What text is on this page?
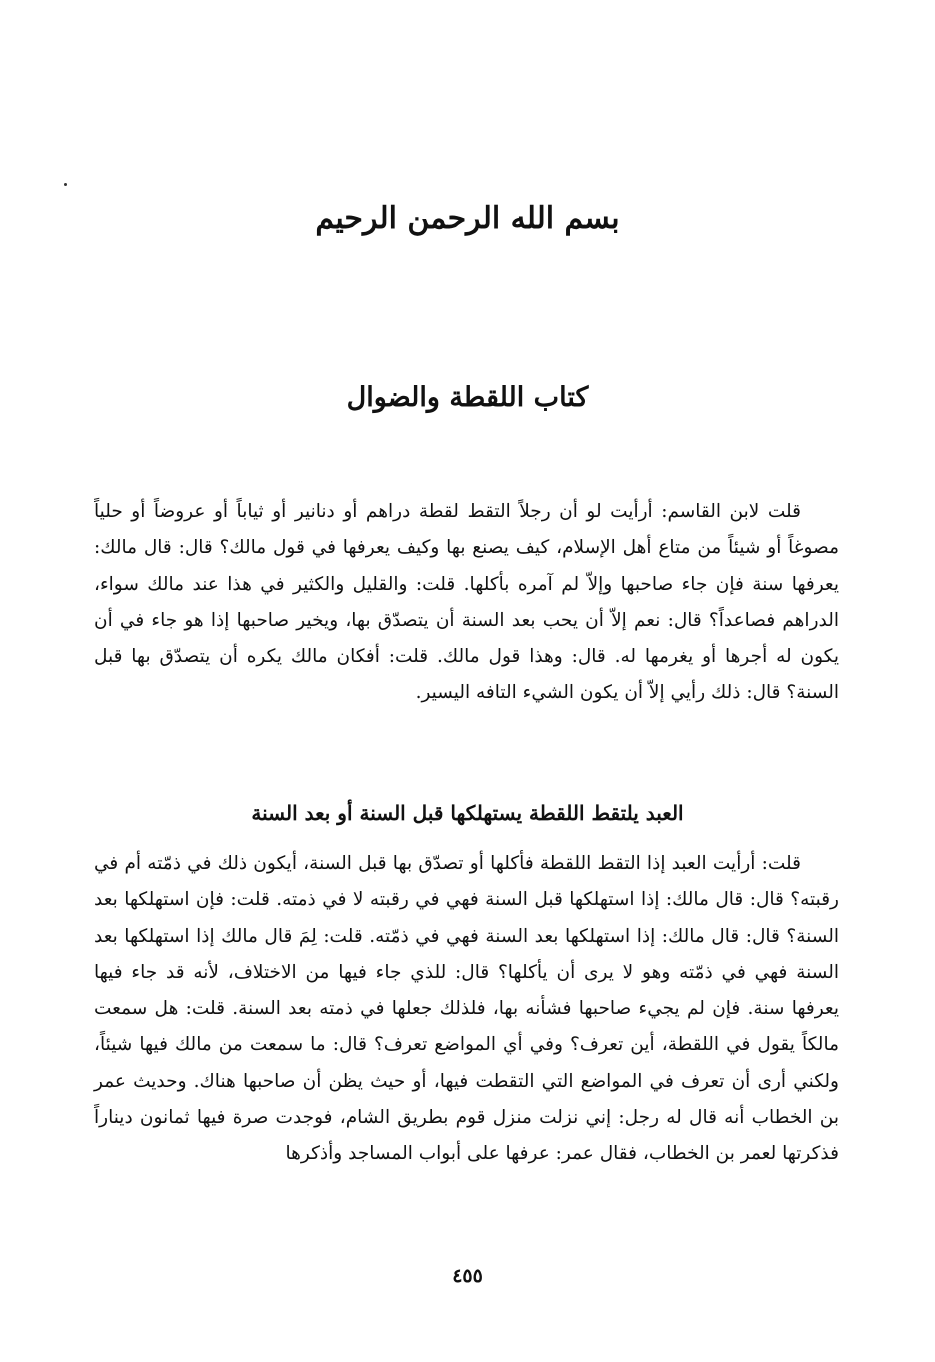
بسم الله الرحمن الرحيم
كتاب اللقطة والضوال

قلت لابن القاسم: أرأيت لو أن رجلاً التقط لقطة دراهم أو دنانير أو ثياباً أو عروضاً أو حلياً مصوغاً أو شيئاً من متاع أهل الإسلام، كيف يصنع بها وكيف يعرفها في قول مالك؟ قال: قال مالك: يعرفها سنة فإن جاء صاحبها وإلاّ لم آمره بأكلها. قلت: والقليل والكثير في هذا عند مالك سواء، الدراهم فصاعداً؟ قال: نعم إلاّ أن يحب بعد السنة أن يتصدّق بها، ويخير صاحبها إذا هو جاء في أن يكون له أجرها أو يغرمها له. قال: وهذا قول مالك. قلت: أفكان مالك يكره أن يتصدّق بها قبل السنة؟ قال: ذلك رأيي إلاّ أن يكون الشيء التافه اليسير.

العبد يلتقط اللقطة يستهلكها قبل السنة أو بعد السنة

قلت: أرأيت العبد إذا التقط اللقطة فأكلها أو تصدّق بها قبل السنة، أيكون ذلك في ذمّته أم في رقبته؟ قال: قال مالك: إذا استهلكها قبل السنة فهي في رقبته لا في ذمته. قلت: فإن استهلكها بعد السنة؟ قال: قال مالك: إذا استهلكها بعد السنة فهي في ذمّته. قلت: لِمَ قال مالك إذا استهلكها بعد السنة فهي في ذمّته وهو لا يرى أن يأكلها؟ قال: للذي جاء فيها من الاختلاف، لأنه قد جاء فيها يعرفها سنة. فإن لم يجيء صاحبها فشأنه بها، فلذلك جعلها في ذمته بعد السنة. قلت: هل سمعت مالكاً يقول في اللقطة، أين تعرف؟ وفي أي المواضع تعرف؟ قال: ما سمعت من مالك فيها شيئاً، ولكني أرى أن تعرف في المواضع التي التقطت فيها، أو حيث يظن أن صاحبها هناك. وحديث عمر بن الخطاب أنه قال له رجل: إني نزلت منزل قوم بطريق الشام، فوجدت صرة فيها ثمانون ديناراً فذكرتها لعمر بن الخطاب، فقال عمر: عرفها على أبواب المساجد وأذكرها

٤٥٥
